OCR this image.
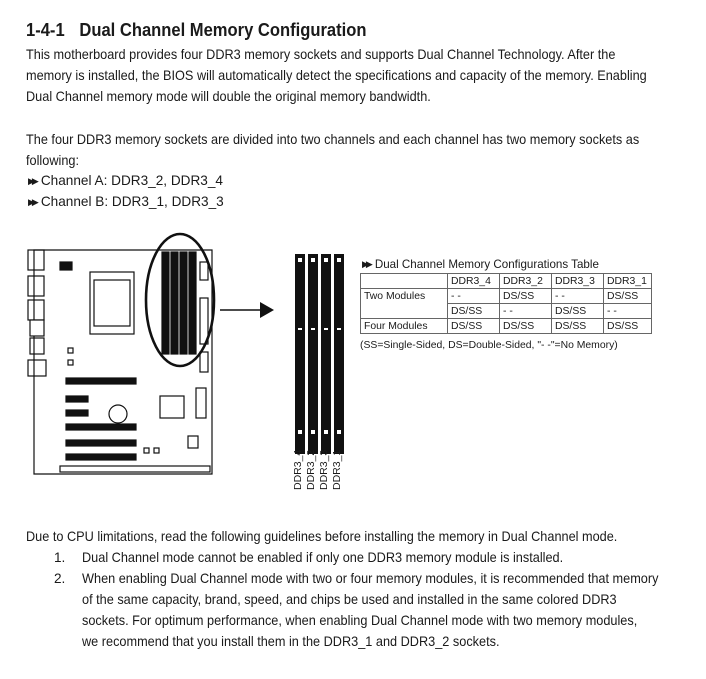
1-4-1 Dual Channel Memory Configuration
This motherboard provides four DDR3 memory sockets and supports Dual Channel Technology. After the
memory is installed, the BIOS will automatically detect the specifications and capacity of the memory. Enabling
Dual Channel memory mode will double the original memory bandwidth.
The four DDR3 memory sockets are divided into two channels and each channel has two memory sockets as
following:
▶▶ Channel A: DDR3_2, DDR3_4
▶▶ Channel B: DDR3_1, DDR3_3
DDR3_4 DDR3_2 DDR3_3 DDR3_1
▶▶ Dual Channel Memory Configurations Table
	DDR3_4	DDR3_2	DDR3_3	DDR3_1
Two Modules	- -	DS/SS	- -	DS/SS
	DS/SS	- -	DS/SS	- -
Four Modules	DS/SS	DS/SS	DS/SS	DS/SS
(SS=Single-Sided, DS=Double-Sided, "- -"=No Memory)
Due to CPU limitations, read the following guidelines before installing the memory in Dual Channel mode.
1. Dual Channel mode cannot be enabled if only one DDR3 memory module is installed.
2. When enabling Dual Channel mode with two or four memory modules, it is recommended that memory
of the same capacity, brand, speed, and chips be used and installed in the same colored DDR3
sockets. For optimum performance, when enabling Dual Channel mode with two memory modules,
we recommend that you install them in the DDR3_1 and DDR3_2 sockets.
